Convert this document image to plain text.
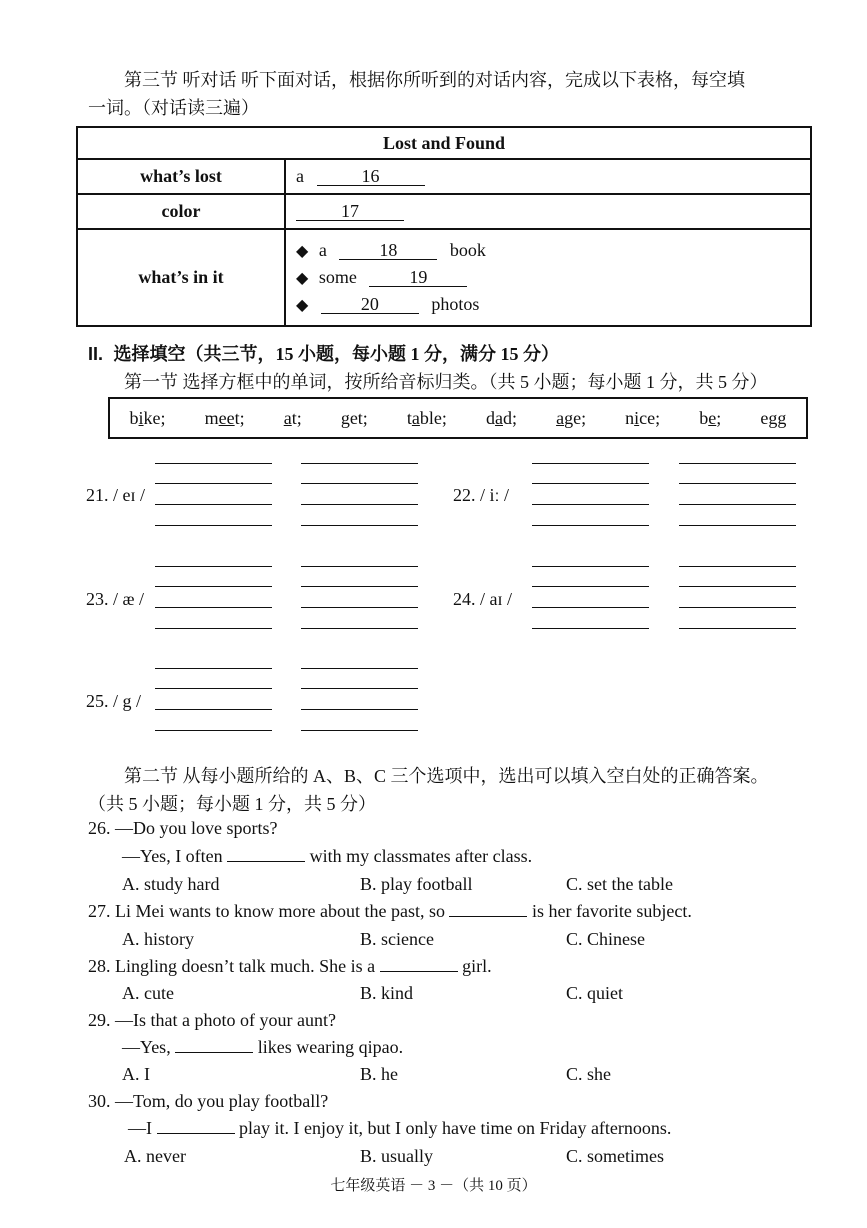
第三节 听对话 听下面对话，根据你所听到的对话内容，完成以下表格，每空填
一词。（对话读三遍）
Lost and Found	
what’s lost	a 16
color	17
what’s in it	◆ a 18 book
◆ some 19
◆ 20 photos
II. 选择填空（共三节，15 小题，每小题 1 分，满分 15 分）
第一节 选择方框中的单词，按所给音标归类。（共 5 小题；每小题 1 分，共 5 分）
bike; meet; at; get; table; dad; age; nice; be; egg
21. / eɪ /	22. / iː /
23. / æ /	24. / aɪ /
25. / g /
第二节 从每小题所给的 A、B、C 三个选项中，选出可以填入空白处的正确答案。
（共 5 小题；每小题 1 分，共 5 分）
26. —Do you love sports?
—Yes, I often	with my classmates after class.
A. study hard	B. play football	C. set the table
27. Li Mei wants to know more about the past, so	is her favorite subject.
A. history	B. science	C. Chinese
28. Lingling doesn’t talk much. She is a	girl.
A. cute	B. kind	C. quiet
29. —Is that a photo of your aunt?
—Yes,	likes wearing qipao.
A. I	B. he	C. she
30. —Tom, do you play football?
—I	play it. I enjoy it, but I only have time on Friday afternoons.
A. never	B. usually	C. sometimes
七年级英语 － 3 －（共 10 页）
